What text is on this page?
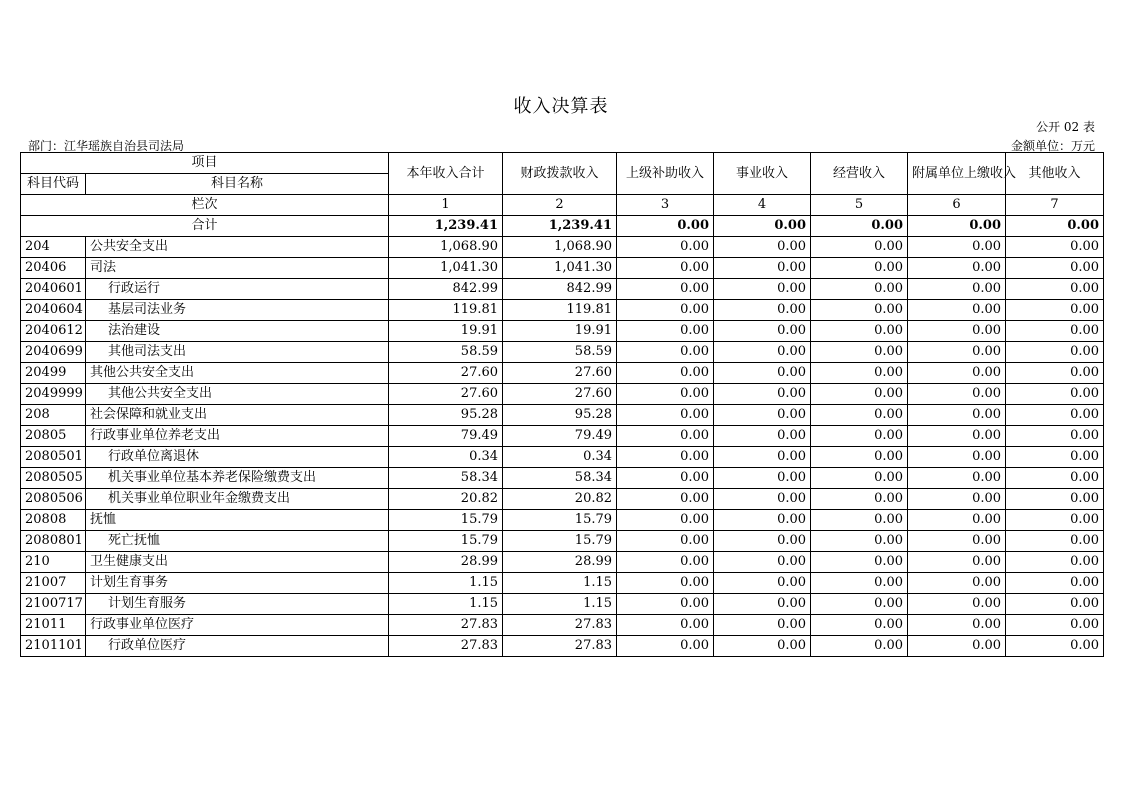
收入决算表
公开 02 表
部门：江华瑶族自治县司法局	金额单位：万元
项目		本年收入合计	财政拨款收入	上级补助收入	事业收入	经营收入	附属单位上缴收入	其他收入
科目代码	科目名称							
栏次		1	2	3	4	5	6	7
合计		1,239.41	1,239.41	0.00	0.00	0.00	0.00	0.00
204	公共安全支出	1,068.90	1,068.90	0.00	0.00	0.00	0.00	0.00
20406	司法	1,041.30	1,041.30	0.00	0.00	0.00	0.00	0.00
2040601	行政运行	842.99	842.99	0.00	0.00	0.00	0.00	0.00
2040604	基层司法业务	119.81	119.81	0.00	0.00	0.00	0.00	0.00
2040612	法治建设	19.91	19.91	0.00	0.00	0.00	0.00	0.00
2040699	其他司法支出	58.59	58.59	0.00	0.00	0.00	0.00	0.00
20499	其他公共安全支出	27.60	27.60	0.00	0.00	0.00	0.00	0.00
2049999	其他公共安全支出	27.60	27.60	0.00	0.00	0.00	0.00	0.00
208	社会保障和就业支出	95.28	95.28	0.00	0.00	0.00	0.00	0.00
20805	行政事业单位养老支出	79.49	79.49	0.00	0.00	0.00	0.00	0.00
2080501	行政单位离退休	0.34	0.34	0.00	0.00	0.00	0.00	0.00
2080505	机关事业单位基本养老保险缴费支出	58.34	58.34	0.00	0.00	0.00	0.00	0.00
2080506	机关事业单位职业年金缴费支出	20.82	20.82	0.00	0.00	0.00	0.00	0.00
20808	抚恤	15.79	15.79	0.00	0.00	0.00	0.00	0.00
2080801	死亡抚恤	15.79	15.79	0.00	0.00	0.00	0.00	0.00
210	卫生健康支出	28.99	28.99	0.00	0.00	0.00	0.00	0.00
21007	计划生育事务	1.15	1.15	0.00	0.00	0.00	0.00	0.00
2100717	计划生育服务	1.15	1.15	0.00	0.00	0.00	0.00	0.00
21011	行政事业单位医疗	27.83	27.83	0.00	0.00	0.00	0.00	0.00
2101101	行政单位医疗	27.83	27.83	0.00	0.00	0.00	0.00	0.00
